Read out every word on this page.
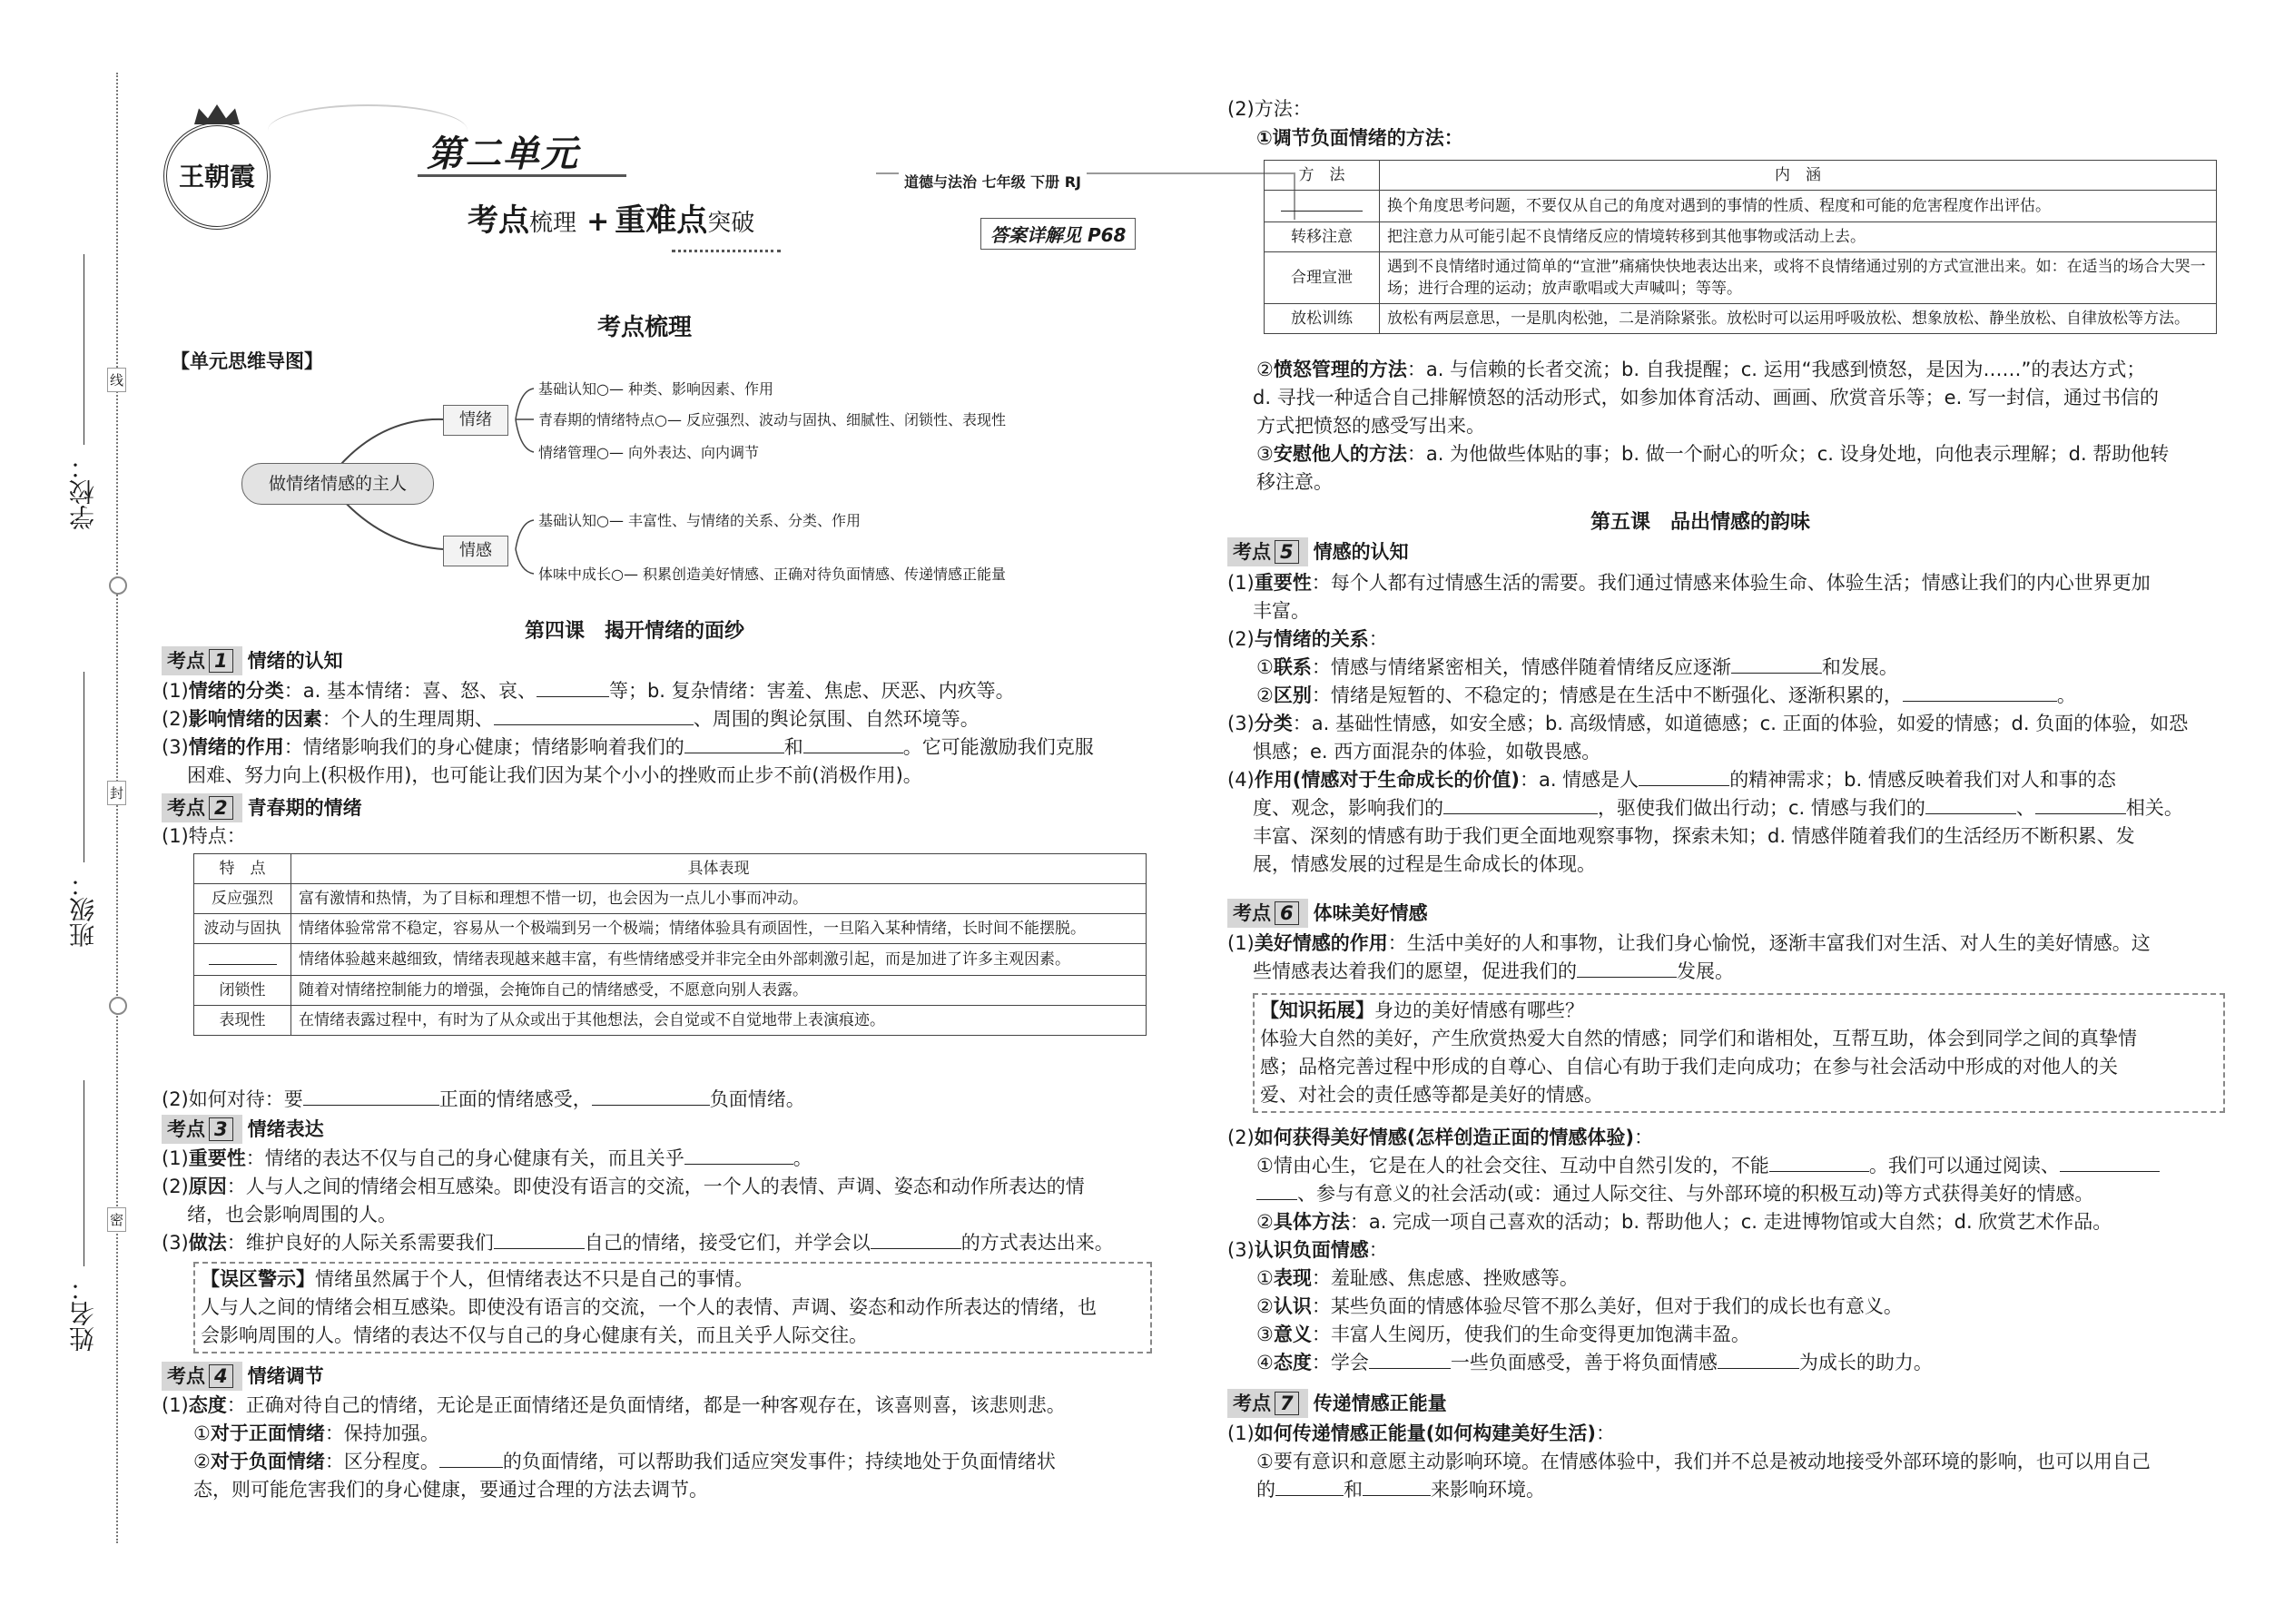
学校：
班级：
姓名：
线
封
密
王朝霞
第二单元
考点梳理 + 重难点突破
道德与法治 七年级 下册 RJ
答案详解见 P68
考点梳理
【单元思维导图】
做情绪情感的主人
情绪
情感
基础认知○— 种类、影响因素、作用
青春期的情绪特点○— 反应强烈、波动与固执、细腻性、闭锁性、表现性
情绪管理○— 向外表达、向内调节
基础认知○— 丰富性、与情绪的关系、分类、作用
体味中成长○— 积累创造美好情感、正确对待负面情感、传递情感正能量
第四课　揭开情绪的面纱
考点 1 情绪的认知
(1)情绪的分类：a. 基本情绪：喜、怒、哀、	等；b. 复杂情绪：害羞、焦虑、厌恶、内疚等。
(2)影响情绪的因素：个人的生理周期、	、周围的舆论氛围、自然环境等。
(3)情绪的作用：情绪影响我们的身心健康；情绪影响着我们的	和	。它可能激励我们克服
困难、努力向上(积极作用)，也可能让我们因为某个小小的挫败而止步不前(消极作用)。
考点 2 青春期的情绪
(1)特点：
特　点	具体表现
反应强烈	富有激情和热情，为了目标和理想不惜一切，也会因为一点儿小事而冲动。
波动与固执	情绪体验常常不稳定，容易从一个极端到另一个极端；情绪体验具有顽固性，一旦陷入某种情绪，长时间不能摆脱。
	情绪体验越来越细致，情绪表现越来越丰富，有些情绪感受并非完全由外部刺激引起，而是加进了许多主观因素。
闭锁性	随着对情绪控制能力的增强，会掩饰自己的情绪感受，不愿意向别人表露。
表现性	在情绪表露过程中，有时为了从众或出于其他想法，会自觉或不自觉地带上表演痕迹。
(2)如何对待：要	正面的情绪感受，	负面情绪。
考点 3 情绪表达
(1)重要性：情绪的表达不仅与自己的身心健康有关，而且关乎	。
(2)原因：人与人之间的情绪会相互感染。即使没有语言的交流，一个人的表情、声调、姿态和动作所表达的情
绪，也会影响周围的人。
(3)做法：维护良好的人际关系需要我们	自己的情绪，接受它们，并学会以	的方式表达出来。
【误区警示】情绪虽然属于个人，但情绪表达不只是自己的事情。
人与人之间的情绪会相互感染。即使没有语言的交流，一个人的表情、声调、姿态和动作所表达的情绪，也
会影响周围的人。情绪的表达不仅与自己的身心健康有关，而且关乎人际交往。
考点 4 情绪调节
(1)态度：正确对待自己的情绪，无论是正面情绪还是负面情绪，都是一种客观存在，该喜则喜，该悲则悲。
①对于正面情绪：保持加强。
②对于负面情绪：区分程度。	的负面情绪，可以帮助我们适应突发事件；持续地处于负面情绪状
态，则可能危害我们的身心健康，要通过合理的方法去调节。
(2)方法：
①调节负面情绪的方法：
方　法	内　涵
	换个角度思考问题，不要仅从自己的角度对遇到的事情的性质、程度和可能的危害程度作出评估。
转移注意	把注意力从可能引起不良情绪反应的情境转移到其他事物或活动上去。
合理宣泄	遇到不良情绪时通过简单的“宣泄”痛痛快快地表达出来，或将不良情绪通过别的方式宣泄出来。如：在适当的场合大哭一场；进行合理的运动；放声歌唱或大声喊叫；等等。
放松训练	放松有两层意思，一是肌肉松弛，二是消除紧张。放松时可以运用呼吸放松、想象放松、静坐放松、自律放松等方法。
②愤怒管理的方法：a. 与信赖的长者交流；b. 自我提醒；c. 运用“我感到愤怒，是因为……”的表达方式；
d. 寻找一种适合自己排解愤怒的活动形式，如参加体育活动、画画、欣赏音乐等；e. 写一封信，通过书信的
方式把愤怒的感受写出来。
③安慰他人的方法：a. 为他做些体贴的事；b. 做一个耐心的听众；c. 设身处地，向他表示理解；d. 帮助他转
移注意。
第五课　品出情感的韵味
考点 5 情感的认知
(1)重要性：每个人都有过情感生活的需要。我们通过情感来体验生命、体验生活；情感让我们的内心世界更加
丰富。
(2)与情绪的关系：
①联系：情感与情绪紧密相关，情感伴随着情绪反应逐渐	和发展。
②区别：情绪是短暂的、不稳定的；情感是在生活中不断强化、逐渐积累的，	。
(3)分类：a. 基础性情感，如安全感；b. 高级情感，如道德感；c. 正面的体验，如爱的情感；d. 负面的体验，如恐
惧感；e. 西方面混杂的体验，如敬畏感。
(4)作用(情感对于生命成长的价值)：a. 情感是人	的精神需求；b. 情感反映着我们对人和事的态
度、观念，影响我们的	，驱使我们做出行动；c. 情感与我们的	、	相关。
丰富、深刻的情感有助于我们更全面地观察事物，探索未知；d. 情感伴随着我们的生活经历不断积累、发
展，情感发展的过程是生命成长的体现。
考点 6 体味美好情感
(1)美好情感的作用：生活中美好的人和事物，让我们身心愉悦，逐渐丰富我们对生活、对人生的美好情感。这
些情感表达着我们的愿望，促进我们的	发展。
【知识拓展】身边的美好情感有哪些？
体验大自然的美好，产生欣赏热爱大自然的情感；同学们和谐相处，互帮互助，体会到同学之间的真挚情
感；品格完善过程中形成的自尊心、自信心有助于我们走向成功；在参与社会活动中形成的对他人的关
爱、对社会的责任感等都是美好的情感。
(2)如何获得美好情感(怎样创造正面的情感体验)：
①情由心生，它是在人的社会交往、互动中自然引发的，不能	。我们可以通过阅读、
、参与有意义的社会活动(或：通过人际交往、与外部环境的积极互动)等方式获得美好的情感。
②具体方法：a. 完成一项自己喜欢的活动；b. 帮助他人；c. 走进博物馆或大自然；d. 欣赏艺术作品。
(3)认识负面情感：
①表现：羞耻感、焦虑感、挫败感等。
②认识：某些负面的情感体验尽管不那么美好，但对于我们的成长也有意义。
③意义：丰富人生阅历，使我们的生命变得更加饱满丰盈。
④态度：学会	一些负面感受，善于将负面情感	为成长的助力。
考点 7 传递情感正能量
(1)如何传递情感正能量(如何构建美好生活)：
①要有意识和意愿主动影响环境。在情感体验中，我们并不总是被动地接受外部环境的影响，也可以用自己
的	和	来影响环境。
